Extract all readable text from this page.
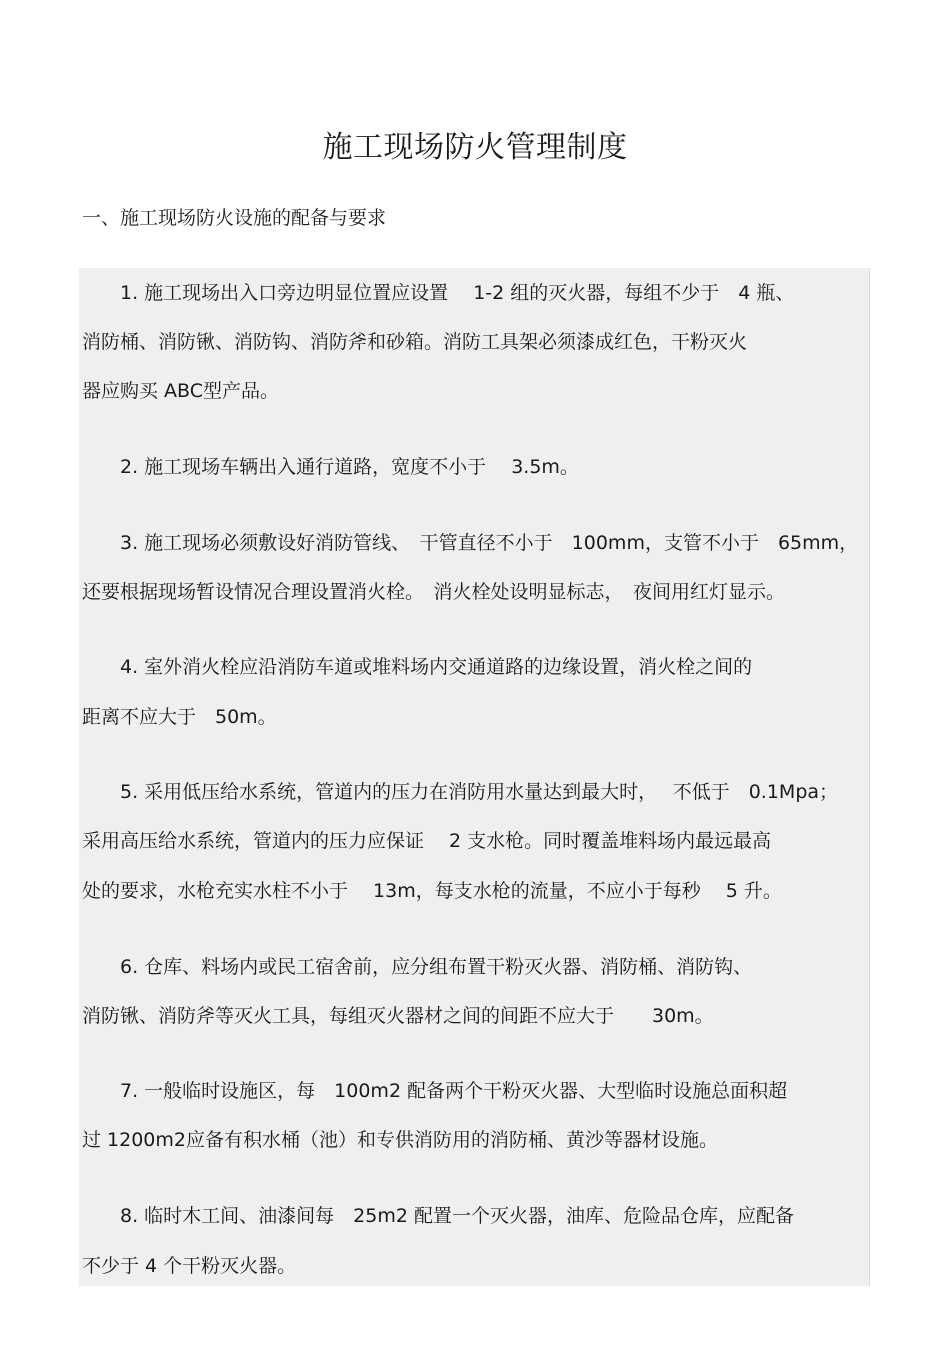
施工现场防火管理制度
一、施工现场防火设施的配备与要求
1. 施工现场出入口旁边明显位置应设置　 1-2 组的灭火器，每组不少于　4 瓶、
消防桶、消防锹、消防钩、消防斧和砂箱。消防工具架必须漆成红色，干粉灭火
器应购买 ABC型产品。
2. 施工现场车辆出入通行道路，宽度不小于　 3.5m。
3. 施工现场必须敷设好消防管线、　干管直径不小于　100mm，支管不小于　65mm，
还要根据现场暂设情况合理设置消火栓。　消火栓处设明显标志，　夜间用红灯显示。
4. 室外消火栓应沿消防车道或堆料场内交通道路的边缘设置，消火栓之间的
距离不应大于　50m。
5. 采用低压给水系统，管道内的压力在消防用水量达到最大时，　 不低于　0.1Mpa；
采用高压给水系统，管道内的压力应保证　 2 支水枪。同时覆盖堆料场内最远最高
处的要求，水枪充实水柱不小于　 13m，每支水枪的流量，不应小于每秒　 5 升。
6. 仓库、料场内或民工宿舍前，应分组布置干粉灭火器、消防桶、消防钩、
消防锹、消防斧等灭火工具，每组灭火器材之间的间距不应大于　　30m。
7. 一般临时设施区，每　100m2 配备两个干粉灭火器、大型临时设施总面积超
过 1200m2应备有积水桶（池）和专供消防用的消防桶、黄沙等器材设施。
8. 临时木工间、油漆间每　25m2 配置一个灭火器，油库、危险品仓库，应配备
不少于 4 个干粉灭火器。
